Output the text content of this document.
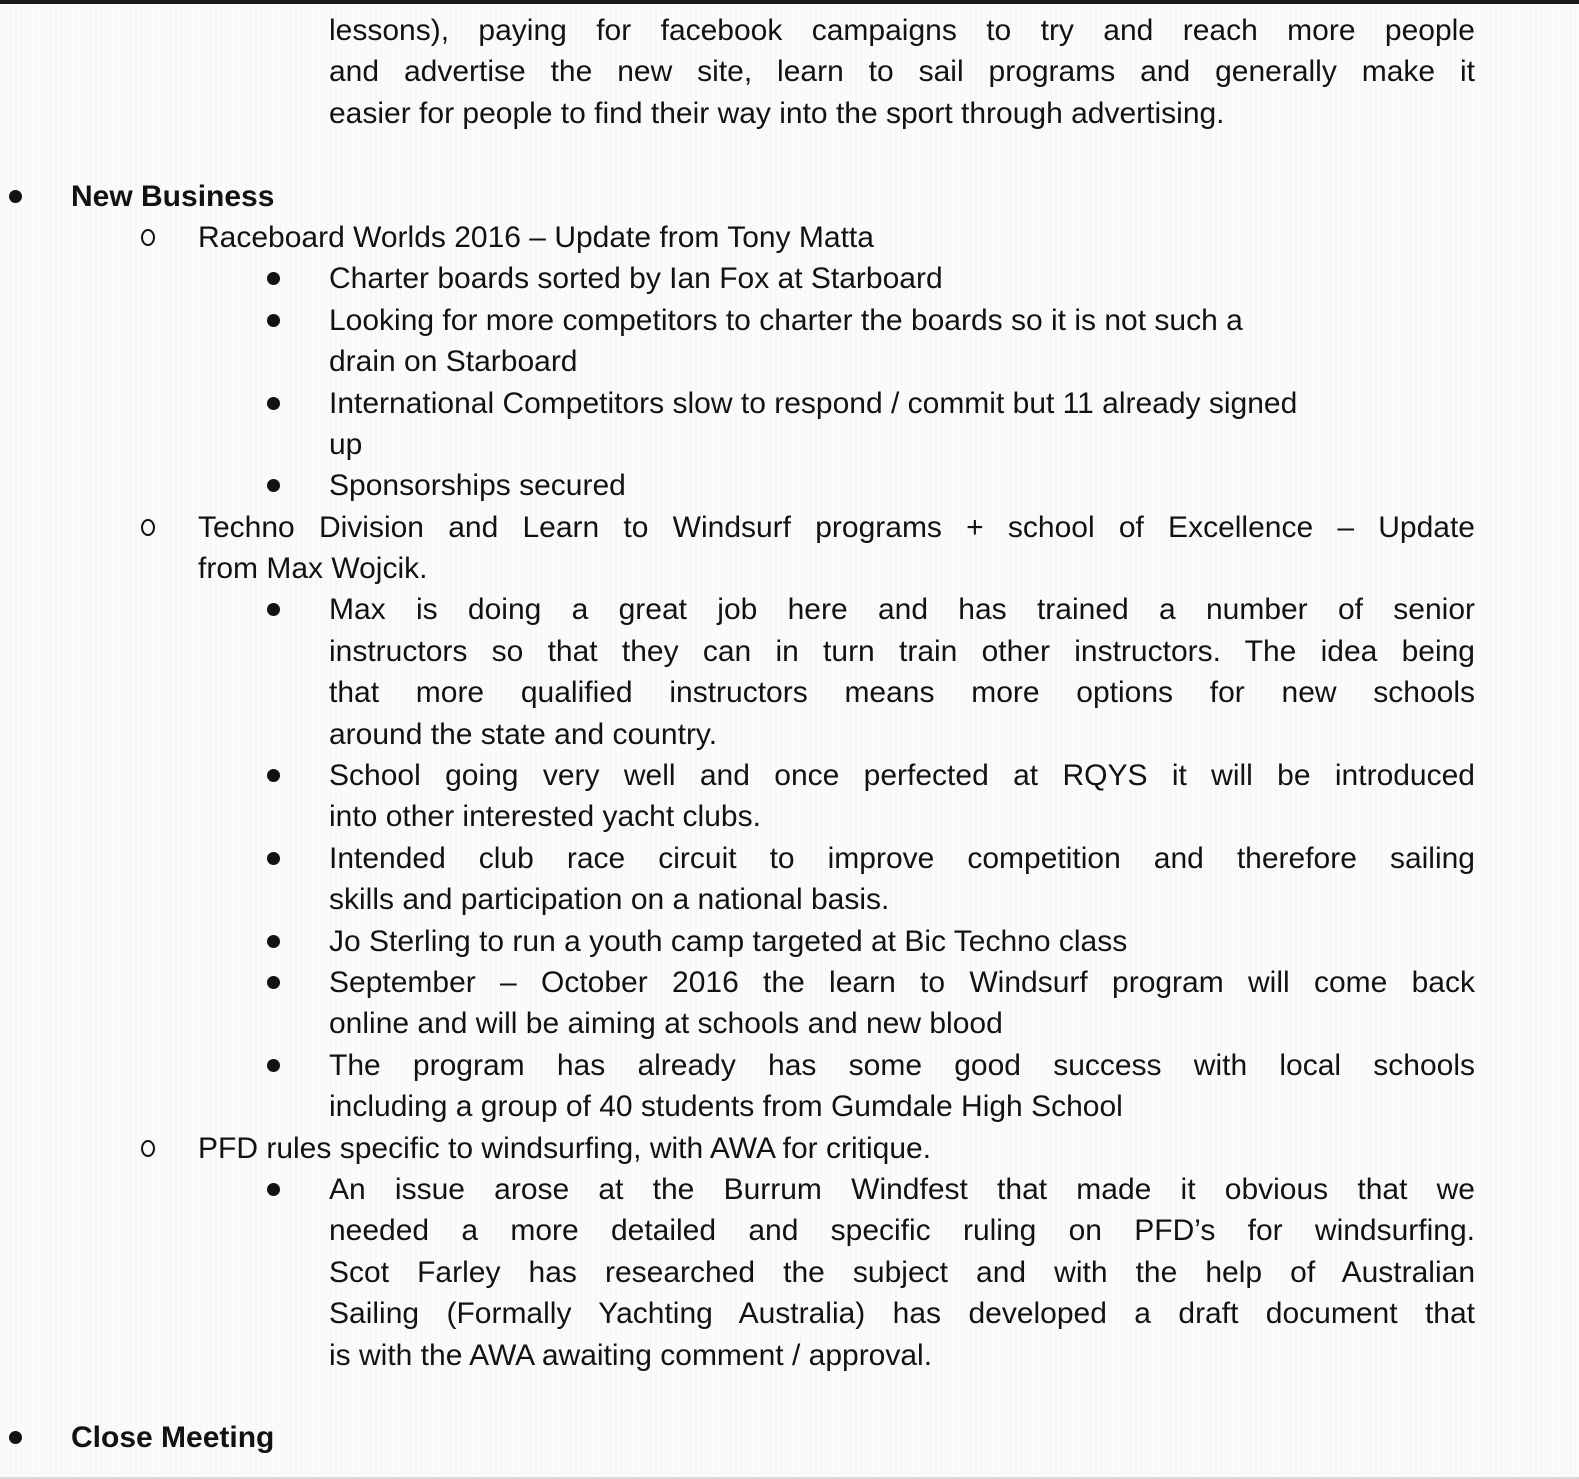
lessons), paying for facebook campaigns to try and reach more people
and advertise the new site, learn to sail programs and generally make it
easier for people to find their way into the sport through advertising.
New Business
Raceboard Worlds 2016 – Update from Tony Matta
Charter boards sorted by Ian Fox at Starboard
Looking for more competitors to charter the boards so it is not such a
drain on Starboard
International Competitors slow to respond / commit but 11 already signed
up
Sponsorships secured
Techno Division and Learn to Windsurf programs + school of Excellence – Update
from Max Wojcik.
Max is doing a great job here and has trained a number of senior
instructors so that they can in turn train other instructors. The idea being
that more qualified instructors means more options for new schools
around the state and country.
School going very well and once perfected at RQYS it will be introduced
into other interested yacht clubs.
Intended club race circuit to improve competition and therefore sailing
skills and participation on a national basis.
Jo Sterling to run a youth camp targeted at Bic Techno class
September – October 2016 the learn to Windsurf program will come back
online and will be aiming at schools and new blood
The program has already has some good success with local schools
including a group of 40 students from Gumdale High School
PFD rules specific to windsurfing, with AWA for critique.
An issue arose at the Burrum Windfest that made it obvious that we
needed a more detailed and specific ruling on PFD’s for windsurfing.
Scot Farley has researched the subject and with the help of Australian
Sailing (Formally Yachting Australia) has developed a draft document that
is with the AWA awaiting comment / approval.
Close Meeting
